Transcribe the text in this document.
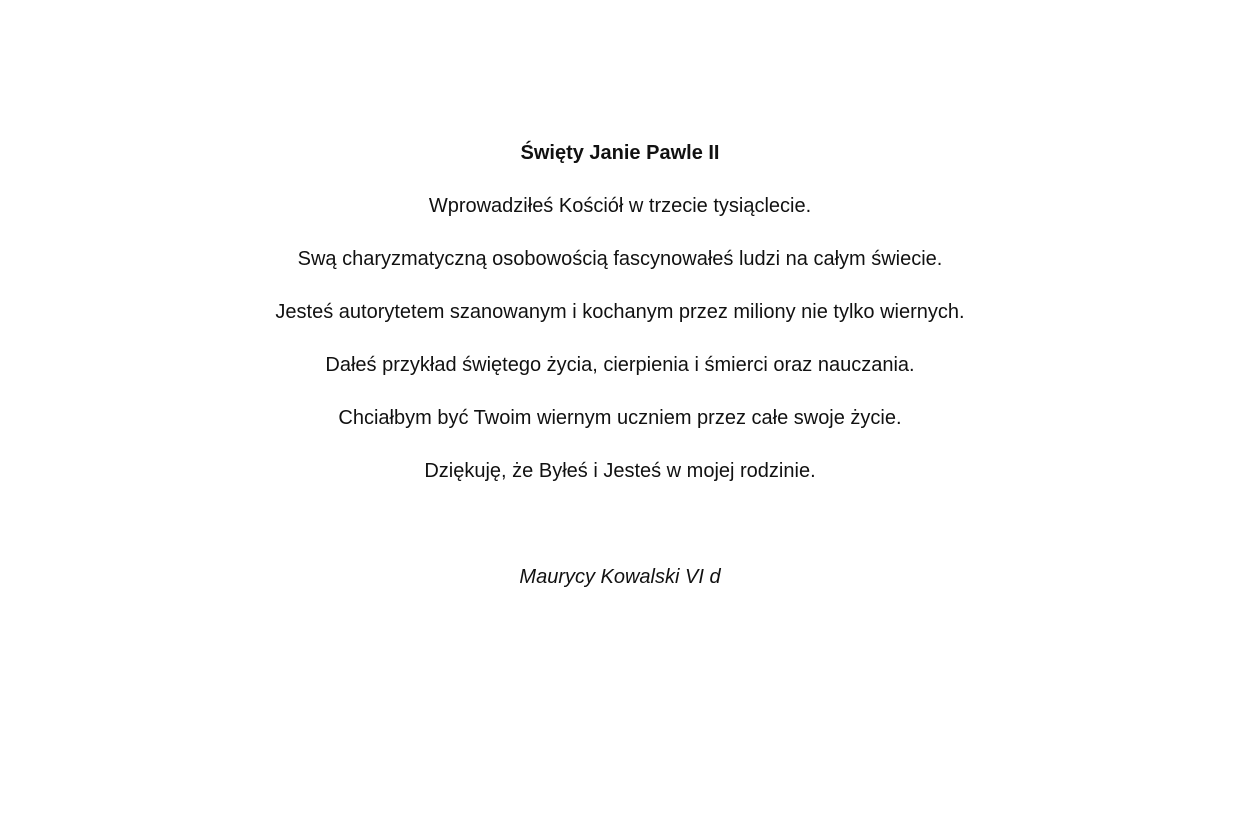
Święty Janie Pawle II
Wprowadziłeś Kościół w trzecie tysiąclecie.
Swą charyzmatyczną osobowością fascynowałeś ludzi na całym świecie.
Jesteś autorytetem szanowanym i kochanym przez miliony nie tylko wiernych.
Dałeś przykład świętego życia, cierpienia i śmierci oraz nauczania.
Chciałbym być Twoim wiernym uczniem przez całe swoje życie.
Dziękuję, że Byłeś i Jesteś w mojej rodzinie.
Maurycy Kowalski VI d
